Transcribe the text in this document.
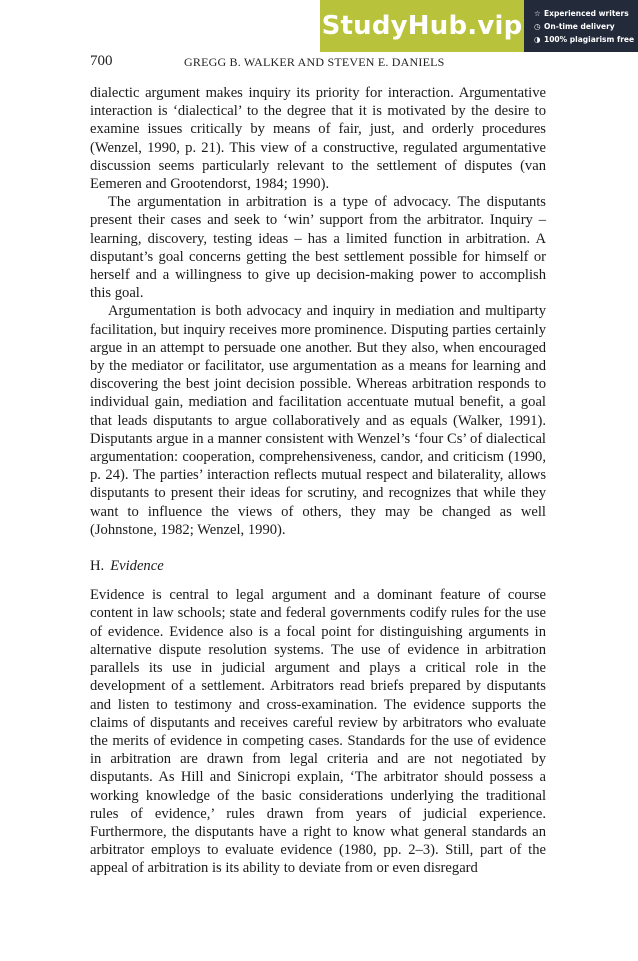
StudyHub.vip ☆ Experienced writers
◷ On-time delivery
◑ 100% plagiarism free
700	GREGG B. WALKER AND STEVEN E. DANIELS

dialectic argument makes inquiry its priority for interaction. Argumentative interaction is ‘dialectical’ to the degree that it is motivated by the desire to examine issues critically by means of fair, just, and orderly procedures (Wenzel, 1990, p. 21). This view of a constructive, regulated argumentative discussion seems particularly relevant to the settlement of disputes (van Eemeren and Grootendorst, 1984; 1990).

The argumentation in arbitration is a type of advocacy. The disputants present their cases and seek to ‘win’ support from the arbitrator. Inquiry – learning, discovery, testing ideas – has a limited function in arbitration. A disputant’s goal concerns getting the best settlement possible for himself or herself and a willingness to give up decision-making power to accomplish this goal.

Argumentation is both advocacy and inquiry in mediation and multiparty facilitation, but inquiry receives more prominence. Disputing parties certainly argue in an attempt to persuade one another. But they also, when encouraged by the mediator or facilitator, use argumentation as a means for learning and discovering the best joint decision possible. Whereas arbitration responds to individual gain, mediation and facilitation accentuate mutual benefit, a goal that leads disputants to argue collaboratively and as equals (Walker, 1991). Disputants argue in a manner consistent with Wenzel’s ‘four Cs’ of dialectical argumentation: cooperation, comprehensiveness, candor, and criticism (1990, p. 24). The parties’ interaction reflects mutual respect and bilaterality, allows disputants to present their ideas for scrutiny, and recognizes that while they want to influence the views of others, they may be changed as well (Johnstone, 1982; Wenzel, 1990).

H. Evidence

Evidence is central to legal argument and a dominant feature of course content in law schools; state and federal governments codify rules for the use of evidence. Evidence also is a focal point for distinguishing arguments in alternative dispute resolution systems. The use of evidence in arbitration parallels its use in judicial argument and plays a critical role in the development of a settlement. Arbitrators read briefs prepared by disputants and listen to testimony and cross-examination. The evidence supports the claims of disputants and receives careful review by arbitrators who evaluate the merits of evidence in competing cases. Standards for the use of evidence in arbitration are drawn from legal criteria and are not negotiated by disputants. As Hill and Sinicropi explain, ‘The arbitrator should possess a working knowledge of the basic considerations underlying the traditional rules of evidence,’ rules drawn from years of judicial experience. Furthermore, the disputants have a right to know what general standards an arbitrator employs to evaluate evidence (1980, pp. 2–3). Still, part of the appeal of arbitration is its ability to deviate from or even disregard
